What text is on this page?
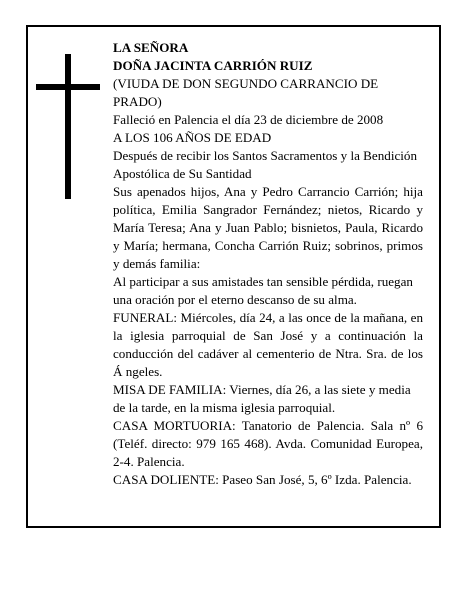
LA SEÑORA

DOÑA JACINTA CARRIÓN RUIZ

(VIUDA DE DON SEGUNDO CARRANCIO DE PRADO)

Falleció en Palencia el día 23 de diciembre de 2008

A LOS 106 AÑOS DE EDAD

Después de recibir los Santos Sacramentos y la Bendición Apostólica de Su Santidad

Sus apenados hijos, Ana y Pedro Carrancio Carrión; hija política, Emilia Sangrador Fernández; nietos, Ricardo y María Teresa; Ana y Juan Pablo; bisnietos, Paula, Ricardo y María; hermana, Concha Carrión Ruiz; sobrinos, primos y demás familia:

Al participar a sus amistades tan sensible pérdida, ruegan una oración por el eterno descanso de su alma.

FUNERAL: Miércoles, día 24, a las once de la mañana, en la iglesia parroquial de San José y a continuación la conducción del cadáver al cementerio de Ntra. Sra. de los Á ngeles.

MISA DE FAMILIA: Viernes, día 26, a las siete y media de la tarde, en la misma iglesia parroquial.

CASA MORTUORIA: Tanatorio de Palencia. Sala nº 6 (Teléf. directo: 979 165 468). Avda. Comunidad Europea, 2-4. Palencia.

CASA DOLIENTE: Paseo San José, 5, 6º Izda. Palencia.
